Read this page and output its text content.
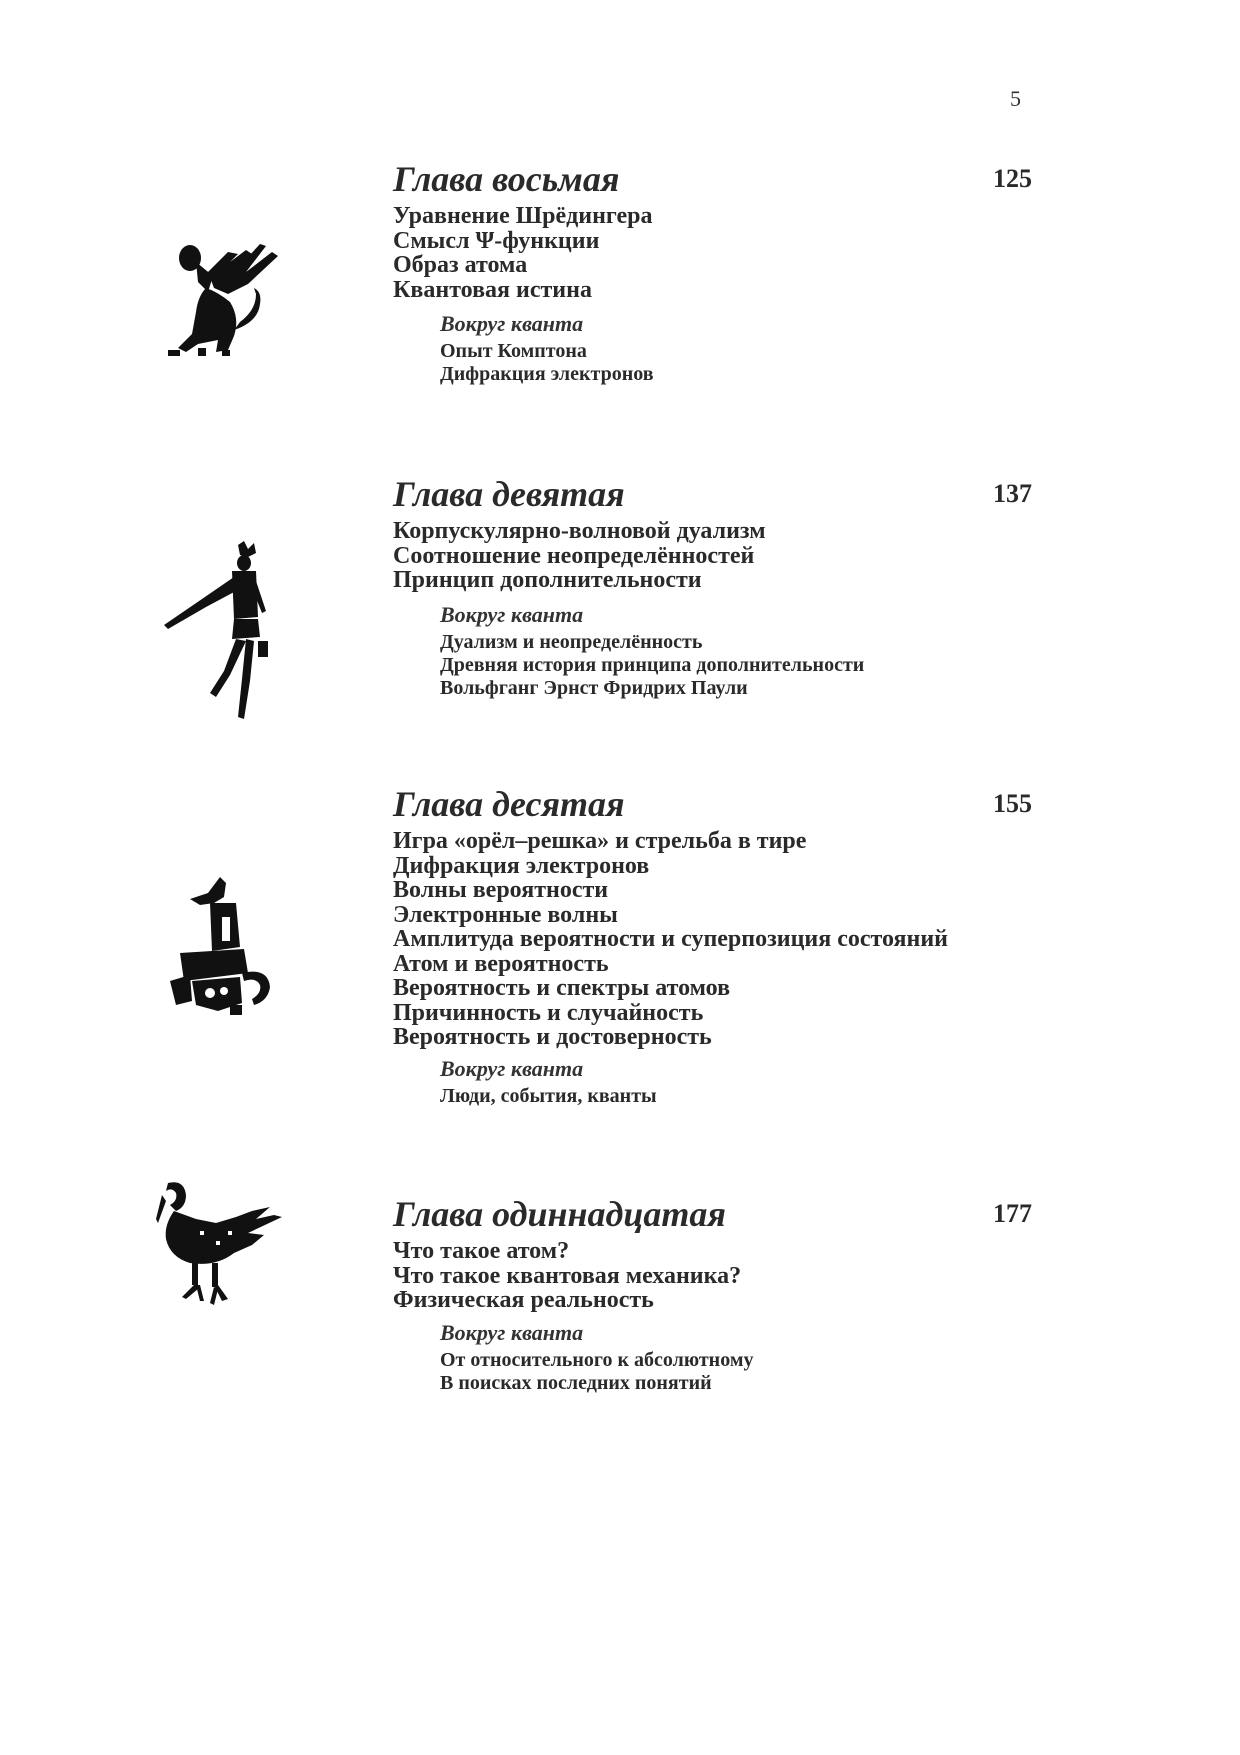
5
Глава восьмая	125
Уравнение Шрёдингера
Смысл Ψ-функции
Образ атома
Квантовая истина
Вокруг кванта
Опыт Комптона
Дифракция электронов
Глава девятая	137
Корпускулярно-волновой дуализм
Соотношение неопределённостей
Принцип дополнительности
Вокруг кванта
Дуализм и неопределённость
Древняя история принципа дополнительности
Вольфганг Эрнст Фридрих Паули
Глава десятая	155
Игра «орёл–решка» и стрельба в тире
Дифракция электронов
Волны вероятности
Электронные волны
Амплитуда вероятности и суперпозиция состояний
Атом и вероятность
Вероятность и спектры атомов
Причинность и случайность
Вероятность и достоверность
Вокруг кванта
Люди, события, кванты
Глава одиннадцатая	177
Что такое атом?
Что такое квантовая механика?
Физическая реальность
Вокруг кванта
От относительного к абсолютному
В поисках последних понятий
